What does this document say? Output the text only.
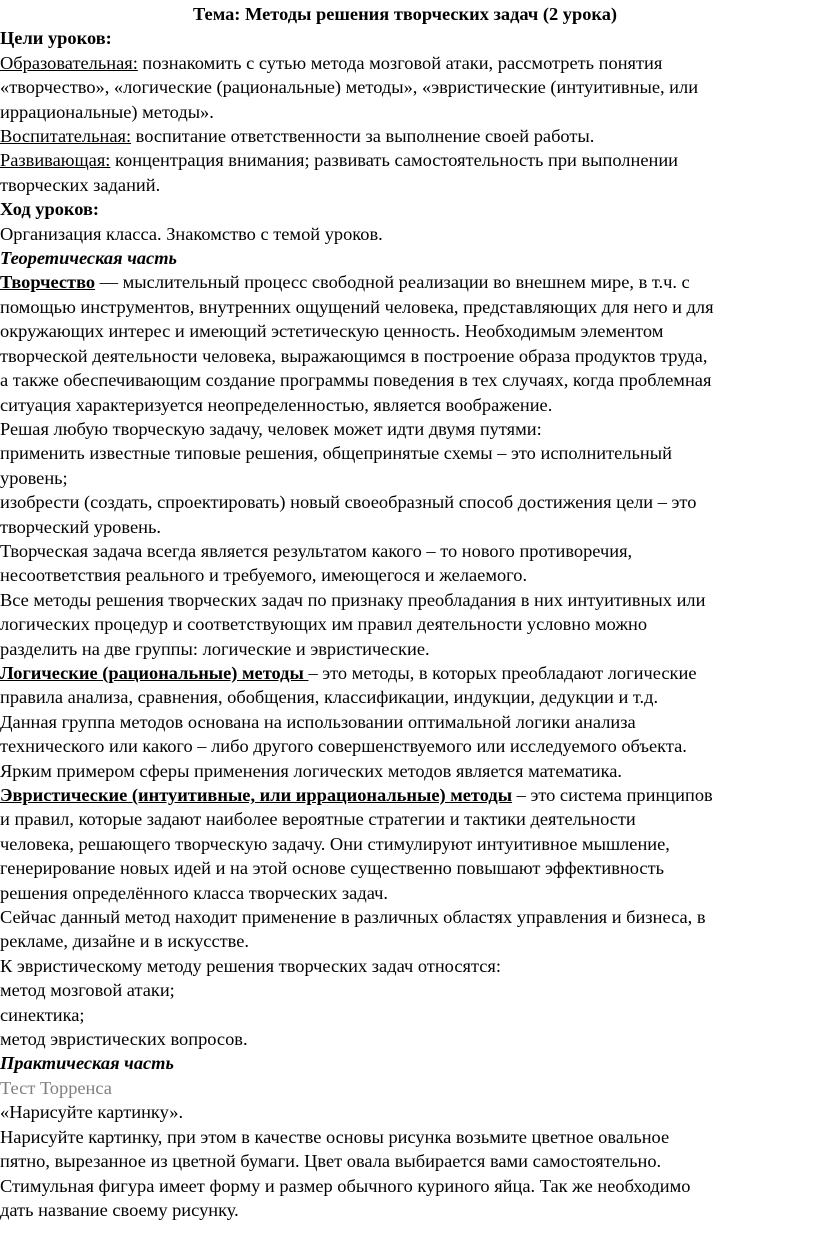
Тема: Методы решения творческих задач (2 урока)
Цели уроков:
Образовательная: познакомить с сутью метода мозговой атаки, рассмотреть понятия
«творчество», «логические (рациональные) методы», «эвристические (интуитивные, или
иррациональные) методы».
Воспитательная: воспитание ответственности за выполнение своей работы.
Развивающая: концентрация внимания; развивать самостоятельность при выполнении
творческих заданий.
Ход уроков:
Организация класса. Знакомство с темой уроков.
Теоретическая часть
Творчество — мыслительный процесс свободной реализации во внешнем мире, в т.ч. с
помощью инструментов, внутренних ощущений человека, представляющих для него и для
окружающих интерес и имеющий эстетическую ценность. Необходимым элементом
творческой деятельности человека, выражающимся в построение образа продуктов труда,
а также обеспечивающим создание программы поведения в тех случаях, когда проблемная
ситуация характеризуется неопределенностью, является воображение.
Решая любую творческую задачу, человек может идти двумя путями:
применить известные типовые решения, общепринятые схемы – это исполнительный
уровень;
изобрести (создать, спроектировать) новый своеобразный способ достижения цели – это
творческий уровень.
Творческая задача всегда является результатом какого – то нового противоречия,
несоответствия реального и требуемого, имеющегося и желаемого.
Все методы решения творческих задач по признаку преобладания в них интуитивных или
логических процедур и соответствующих им правил деятельности условно можно
разделить на две группы: логические и эвристические.
Логические (рациональные) методы – это методы, в которых преобладают логические
правила анализа, сравнения, обобщения, классификации, индукции, дедукции и т.д.
Данная группа методов основана на использовании оптимальной логики анализа
технического или какого – либо другого совершенствуемого или исследуемого объекта.
Ярким примером сферы применения логических методов является математика.
Эвристические (интуитивные, или иррациональные) методы – это система принципов
и правил, которые задают наиболее вероятные стратегии и тактики деятельности
человека, решающего творческую задачу. Они стимулируют интуитивное мышление,
генерирование новых идей и на этой основе существенно повышают эффективность
решения определённого класса творческих задач.
Сейчас данный метод находит применение в различных областях управления и бизнеса, в
рекламе, дизайне и в искусстве.
К эвристическому методу решения творческих задач относятся:
метод мозговой атаки;
синектика;
метод эвристических вопросов.
Практическая часть
Тест Торренса
«Нарисуйте картинку».
Нарисуйте картинку, при этом в качестве основы рисунка возьмите цветное овальное
пятно, вырезанное из цветной бумаги. Цвет овала выбирается вами самостоятельно.
Стимульная фигура имеет форму и размер обычного куриного яйца. Так же необходимо
дать название своему рисунку.
